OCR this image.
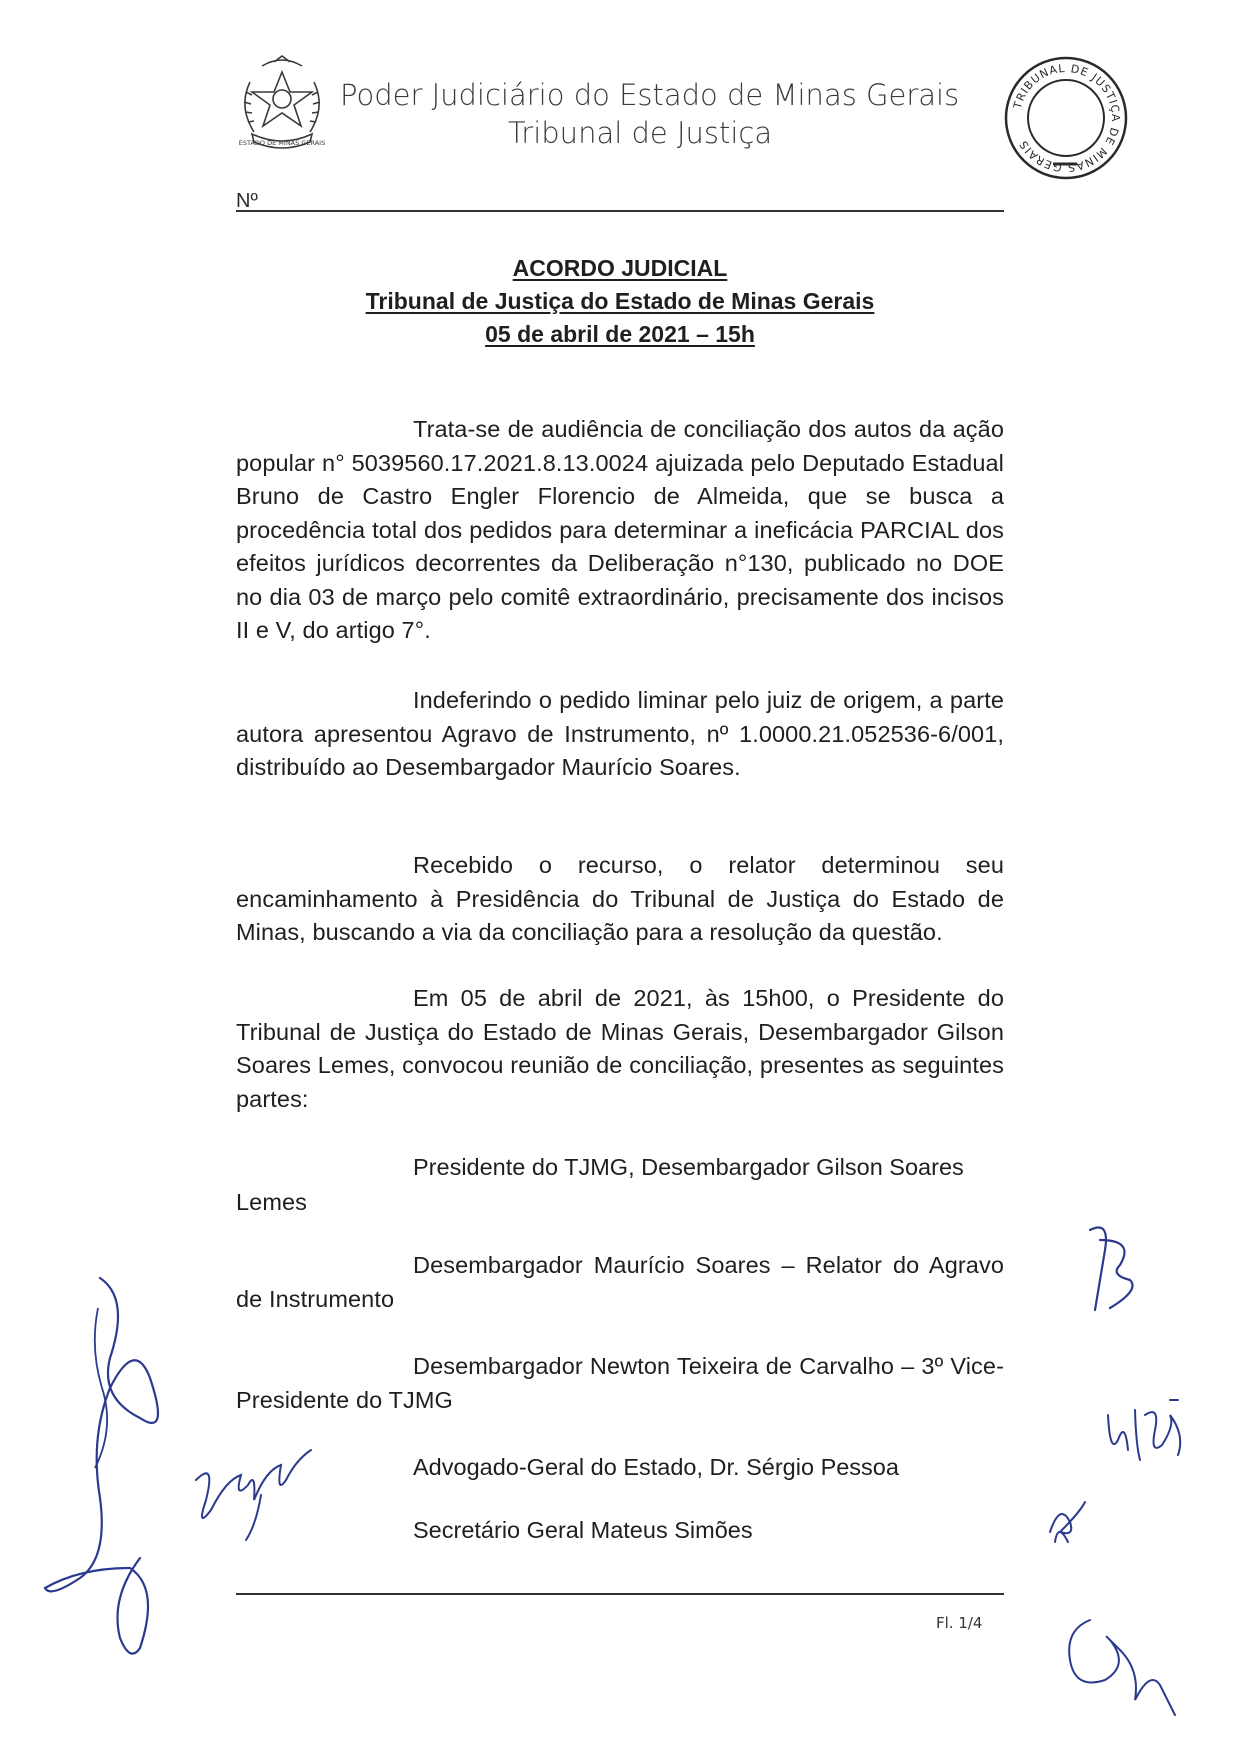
ESTADO DE MINAS GERAIS
Poder Judiciário do Estado de Minas Gerais
Tribunal de Justiça
TRIBUNAL DE JUSTIÇA DE MINAS GERAIS
Nº
ACORDO JUDICIAL
Tribunal de Justiça do Estado de Minas Gerais
05 de abril de 2021 – 15h
Trata-se de audiência de conciliação dos autos da ação popular n° 5039560.17.2021.8.13.0024 ajuizada pelo Deputado Estadual Bruno de Castro Engler Florencio de Almeida, que se busca a procedência total dos pedidos para determinar a ineficácia PARCIAL dos efeitos jurídicos decorrentes da Deliberação n°130, publicado no DOE no dia 03 de março pelo comitê extraordinário, precisamente dos incisos II e V, do artigo 7°.
Indeferindo o pedido liminar pelo juiz de origem, a parte autora apresentou Agravo de Instrumento, nº 1.0000.21.052536-6/001, distribuído ao Desembargador Maurício Soares.
Recebido o recurso, o relator determinou seu encaminhamento à Presidência do Tribunal de Justiça do Estado de Minas, buscando a via da conciliação para a resolução da questão.
Em 05 de abril de 2021, às 15h00, o Presidente do Tribunal de Justiça do Estado de Minas Gerais, Desembargador Gilson Soares Lemes, convocou reunião de conciliação, presentes as seguintes partes:
Presidente do TJMG, Desembargador Gilson Soares
Lemes
Desembargador Maurício Soares – Relator do Agravo de Instrumento
Desembargador Newton Teixeira de Carvalho – 3º Vice-Presidente do TJMG
Advogado-Geral do Estado, Dr. Sérgio Pessoa
Secretário Geral Mateus Simões
Fl. 1/4
